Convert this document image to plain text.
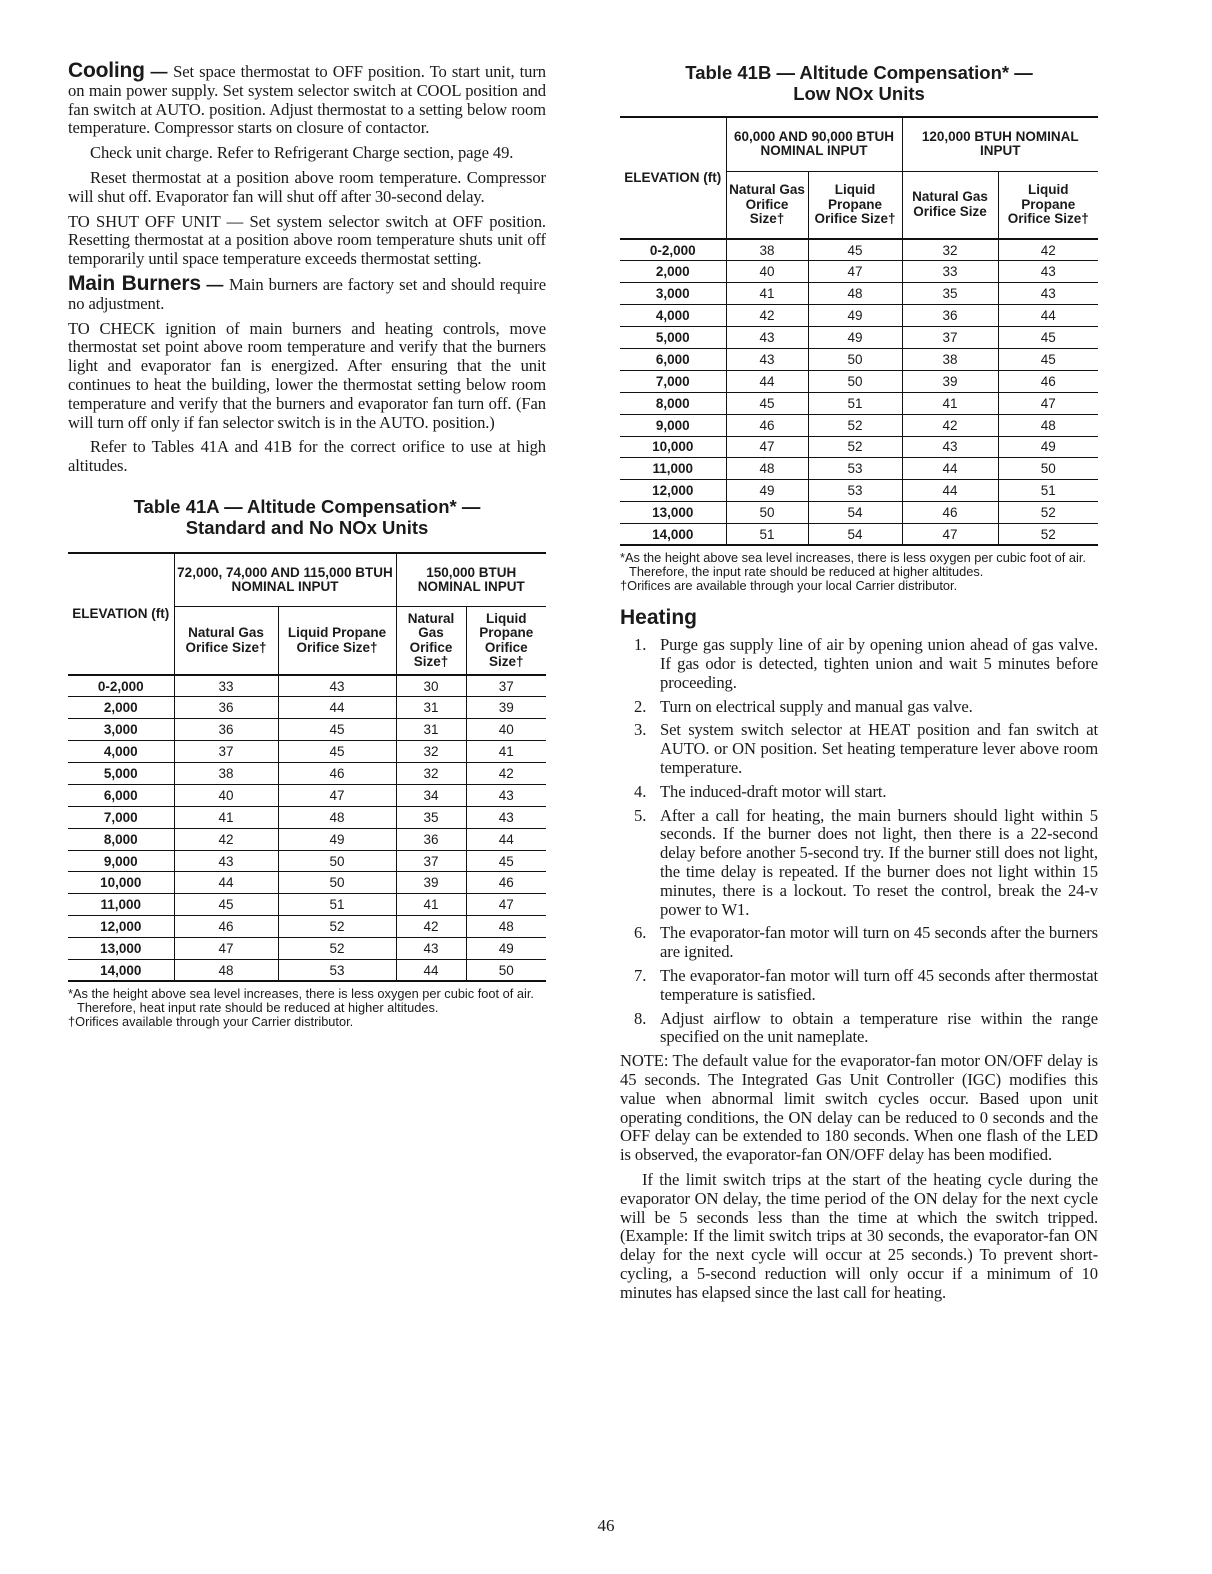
Cooling — Set space thermostat to OFF position. To start unit, turn on main power supply. Set system selector switch at COOL position and fan switch at AUTO. position. Adjust thermostat to a setting below room temperature. Compressor starts on closure of contactor.

Check unit charge. Refer to Refrigerant Charge section, page 49.

Reset thermostat at a position above room temperature. Compressor will shut off. Evaporator fan will shut off after 30-second delay.

TO SHUT OFF UNIT — Set system selector switch at OFF position. Resetting thermostat at a position above room temperature shuts unit off temporarily until space temperature exceeds thermostat setting.

Main Burners — Main burners are factory set and should require no adjustment.

TO CHECK ignition of main burners and heating controls, move thermostat set point above room temperature and verify that the burners light and evaporator fan is energized. After ensuring that the unit continues to heat the building, lower the thermostat setting below room temperature and verify that the burners and evaporator fan turn off. (Fan will turn off only if fan selector switch is in the AUTO. position.)

Refer to Tables 41A and 41B for the correct orifice to use at high altitudes.

Table 41A — Altitude Compensation* —
Standard and No NOx Units
ELEVATION (ft)	72,000, 74,000 AND 115,000 BTUH NOMINAL INPUT		150,000 BTUH NOMINAL INPUT	
	Natural Gas Orifice Size†	Liquid Propane Orifice Size†	Natural Gas Orifice Size†	Liquid Propane Orifice Size†
0-2,000	33	43	30	37
2,000	36	44	31	39
3,000	36	45	31	40
4,000	37	45	32	41
5,000	38	46	32	42
6,000	40	47	34	43
7,000	41	48	35	43
8,000	42	49	36	44
9,000	43	50	37	45
10,000	44	50	39	46
11,000	45	51	41	47
12,000	46	52	42	48
13,000	47	52	43	49
14,000	48	53	44	50
*As the height above sea level increases, there is less oxygen per cubic foot of air. Therefore, heat input rate should be reduced at higher altitudes.
†Orifices available through your Carrier distributor.
Table 41B — Altitude Compensation* —
Low NOx Units
ELEVATION (ft)	60,000 AND 90,000 BTUH NOMINAL INPUT		120,000 BTUH NOMINAL INPUT	
	Natural Gas Orifice Size†	Liquid Propane Orifice Size†	Natural Gas Orifice Size	Liquid Propane Orifice Size†
0-2,000	38	45	32	42
2,000	40	47	33	43
3,000	41	48	35	43
4,000	42	49	36	44
5,000	43	49	37	45
6,000	43	50	38	45
7,000	44	50	39	46
8,000	45	51	41	47
9,000	46	52	42	48
10,000	47	52	43	49
11,000	48	53	44	50
12,000	49	53	44	51
13,000	50	54	46	52
14,000	51	54	47	52
*As the height above sea level increases, there is less oxygen per cubic foot of air. Therefore, the input rate should be reduced at higher altitudes.
†Orifices are available through your local Carrier distributor.
Heating
1. Purge gas supply line of air by opening union ahead of gas valve. If gas odor is detected, tighten union and wait 5 minutes before proceeding.
2. Turn on electrical supply and manual gas valve.
3. Set system switch selector at HEAT position and fan switch at AUTO. or ON position. Set heating temperature lever above room temperature.
4. The induced-draft motor will start.
5. After a call for heating, the main burners should light within 5 seconds. If the burner does not light, then there is a 22-second delay before another 5-second try. If the burner still does not light, the time delay is repeated. If the burner does not light within 15 minutes, there is a lockout. To reset the control, break the 24-v power to W1.
6. The evaporator-fan motor will turn on 45 seconds after the burners are ignited.
7. The evaporator-fan motor will turn off 45 seconds after thermostat temperature is satisfied.
8. Adjust airflow to obtain a temperature rise within the range specified on the unit nameplate.

NOTE: The default value for the evaporator-fan motor ON/OFF delay is 45 seconds. The Integrated Gas Unit Controller (IGC) modifies this value when abnormal limit switch cycles occur. Based upon unit operating conditions, the ON delay can be reduced to 0 seconds and the OFF delay can be extended to 180 seconds. When one flash of the LED is observed, the evaporator-fan ON/OFF delay has been modified.

If the limit switch trips at the start of the heating cycle during the evaporator ON delay, the time period of the ON delay for the next cycle will be 5 seconds less than the time at which the switch tripped. (Example: If the limit switch trips at 30 seconds, the evaporator-fan ON delay for the next cycle will occur at 25 seconds.) To prevent short-cycling, a 5-second reduction will only occur if a minimum of 10 minutes has elapsed since the last call for heating.

46
